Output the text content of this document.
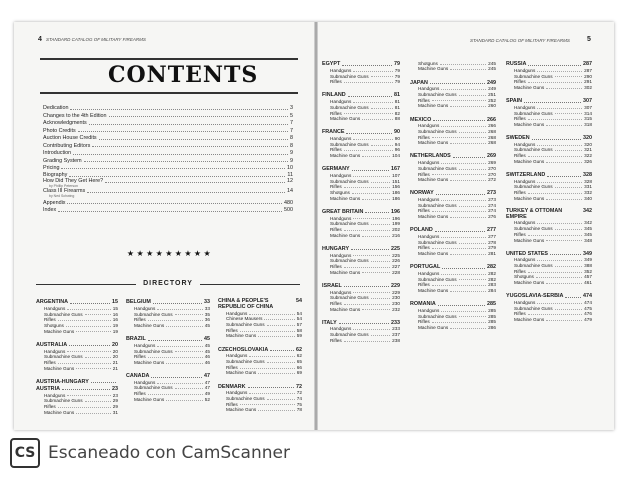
4 STANDARD CATALOG OF MILITARY FIREARMS	STANDARD CATALOG OF MILITARY FIREARMS 5
CONTENTS
Dedication	3
Changes to the 4th Edition	5
Acknowledgments	7
Photo Credits	7
Auction House Credits	8
Contributing Editors	8
Introduction	9
Grading System	9
Pricing	10
Biography	11
How Did They Get Here?	12
by Phillip Peterson
Class III Firearms	14
by Ned Schwing
Appendix	480
Index	500
★★★★★★★★★
DIRECTORY
ARGENTINA	15
Handguns	15
Submachine Guns	16
Rifles	16
Shotguns	19
Machine Guns	19
AUSTRALIA	20
Handguns	20
Submachine Guns	20
Rifles	21
Machine Guns	21
AUSTRIA-HUNGARY
AUSTRIA	23
Handguns	23
Submachine Guns	29
Rifles	29
Machine Guns	31
BELGIUM	33
Handguns	33
Submachine Guns	35
Rifles	36
Machine Guns	45
BRAZIL	45
Handguns	45
Submachine Guns	45
Rifles	46
Machine Guns	46
CANADA	47
Handguns	47
Submachine Guns	47
Rifles	49
Machine Guns	52
CHINA & PEOPLE'S REPUBLIC OF CHINA
54
Handguns	54
Chinese Mausers	54
Submachine Guns	57
Rifles	58
Machine Guns	59
CZECHOSLOVAKIA	62
Handguns	62
Submachine Guns	65
Rifles	66
Machine Guns	69
DENMARK	72
Handguns	72
Submachine Guns	74
Rifles	75
Machine Guns	78
EGYPT	79
Handguns	79
Submachine Guns	79
Rifles	79
FINLAND	81
Handguns	81
Submachine Guns	81
Rifles	82
Machine Guns	88
FRANCE	90
Handguns	90
Submachine Guns	94
Rifles	96
Machine Guns	104
GERMANY	167
Handguns	107
Submachine Guns	151
Rifles	156
Shotguns	186
Machine Guns	186
GREAT BRITAIN	196
Handguns	196
Submachine Guns	199
Rifles	202
Machine Guns	216
HUNGARY	225
Handguns	225
Submachine Guns	226
Rifles	227
Machine Guns	228
ISRAEL	229
Handguns	229
Submachine Guns	230
Rifles	230
Machine Guns	232
ITALY	233
Handguns	233
Submachine Guns	237
Rifles	238
Shotguns	245
Machine Guns	245
JAPAN	249
Handguns	249
Submachine Guns	251
Rifles	252
Machine Guns	260
MEXICO	266
Handguns	266
Submachine Guns	268
Rifles	268
Machine Guns	268
NETHERLANDS	269
Handguns	269
Submachine Guns	270
Rifles	270
Machine Guns	272
NORWAY	273
Handguns	273
Submachine Guns	274
Rifles	274
Machine Guns	276
POLAND	277
Handguns	277
Submachine Guns	278
Rifles	279
Machine Guns	281
PORTUGAL	282
Handguns	282
Submachine Guns	282
Rifles	283
Machine Guns	284
ROMANIA	285
Handguns	285
Submachine Guns	285
Rifles	285
Machine Guns	286
RUSSIA	287
Handguns	287
Submachine Guns	290
Rifles	291
Machine Guns	302
SPAIN	307
Handguns	307
Submachine Guns	314
Rifles	315
Machine Guns	318
SWEDEN	320
Handguns	320
Submachine Guns	321
Rifles	322
Machine Guns	326
SWITZERLAND	328
Handguns	328
Submachine Guns	331
Rifles	332
Machine Guns	340
TURKEY & OTTOMAN EMPIRE
342
Handguns	342
Submachine Guns	345
Rifles	345
Machine Guns	348
UNITED STATES	349
Handguns	349
Submachine Guns	388
Rifles	352
Shotguns	457
Machine Guns	461
YUGOSLAVIA-SERBIA	474
Handguns	474
Submachine Guns	475
Rifles	476
Machine Guns	479
CS Escaneado con CamScanner
